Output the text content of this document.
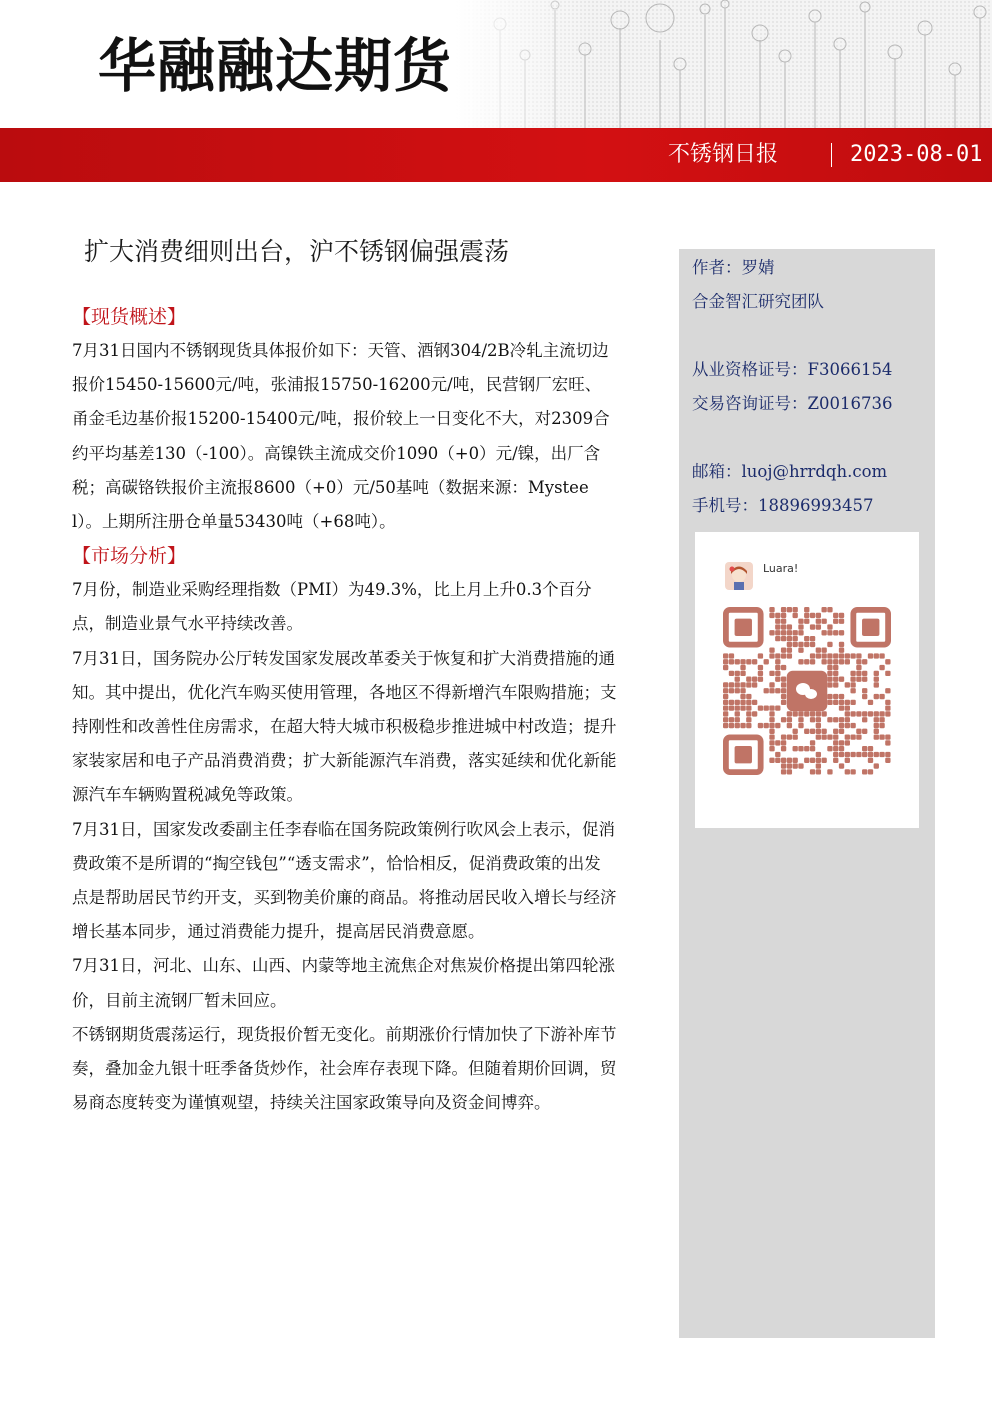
华融融达期货
不锈钢日报	2023-08-01
扩大消费细则出台，沪不锈钢偏强震荡

【现货概述】

7月31日国内不锈钢现货具体报价如下：天管、酒钢304/2B冷轧主流切边报价15450-15600元/吨，张浦报15750-16200元/吨，民营钢厂宏旺、甬金毛边基价报15200-15400元/吨，报价较上一日变化不大，对2309合约平均基差130（-100）。高镍铁主流成交价1090（+0）元/镍，出厂含税；高碳铬铁报价主流报8600（+0）元/50基吨（数据来源：Mysteel）。上期所注册仓单量53430吨（+68吨）。

【市场分析】

7月份，制造业采购经理指数（PMI）为49.3%，比上月上升0.3个百分点，制造业景气水平持续改善。

7月31日，国务院办公厅转发国家发展改革委关于恢复和扩大消费措施的通知。其中提出，优化汽车购买使用管理，各地区不得新增汽车限购措施；支持刚性和改善性住房需求，在超大特大城市积极稳步推进城中村改造；提升家装家居和电子产品消费消费；扩大新能源汽车消费，落实延续和优化新能源汽车车辆购置税减免等政策。

7月31日，国家发改委副主任李春临在国务院政策例行吹风会上表示，促消费政策不是所谓的“掏空钱包”“透支需求”，恰恰相反，促消费政策的出发点是帮助居民节约开支，买到物美价廉的商品。将推动居民收入增长与经济增长基本同步，通过消费能力提升，提高居民消费意愿。

7月31日，河北、山东、山西、内蒙等地主流焦企对焦炭价格提出第四轮涨价，目前主流钢厂暂未回应。

不锈钢期货震荡运行，现货报价暂无变化。前期涨价行情加快了下游补库节奏，叠加金九银十旺季备货炒作，社会库存表现下降。但随着期价回调，贸易商态度转变为谨慎观望，持续关注国家政策导向及资金间博弈。

作者：罗婧
合金智汇研究团队
从业资格证号：F3066154
交易咨询证号：Z0016736
邮箱：luoj@hrrdqh.com
手机号：18896993457
Luara!
